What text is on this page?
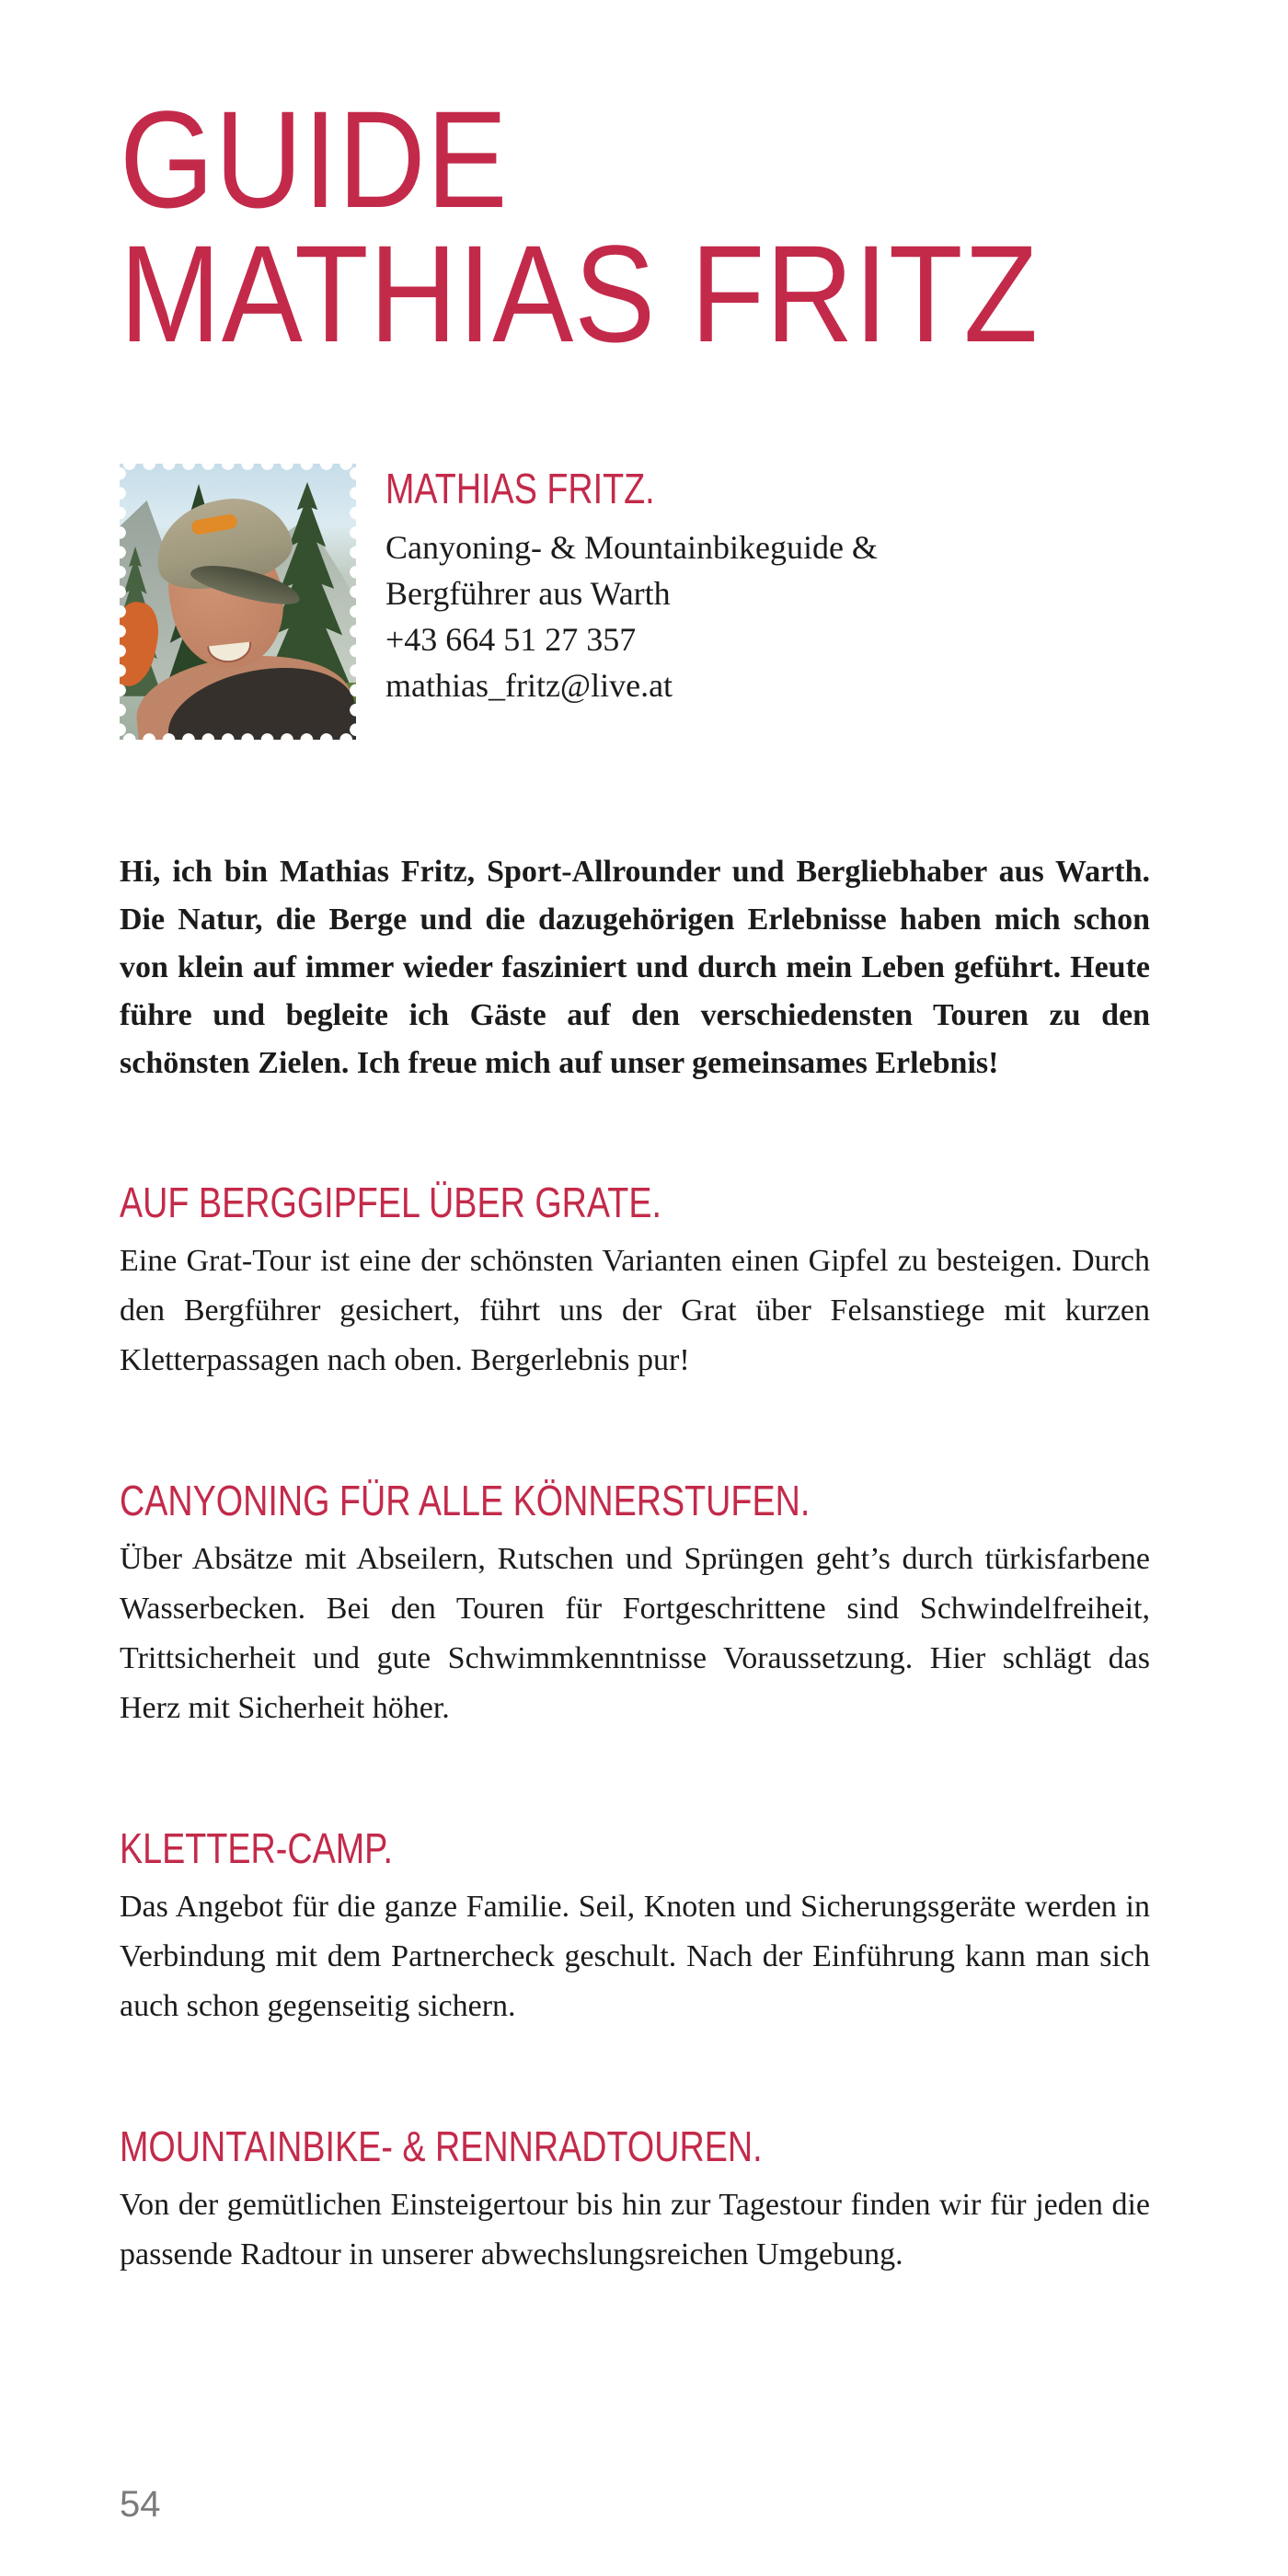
GUIDE
MATHIAS FRITZ
MATHIAS FRITZ.
Canyoning- & Mountainbikeguide &
Bergführer aus Warth
+43 664 51 27 357
mathias_fritz@live.at

Hi, ich bin Mathias Fritz, Sport-Allrounder und Bergliebhaber aus Warth. Die Natur, die Berge und die dazugehörigen Erlebnisse haben mich schon von klein auf immer wieder fasziniert und durch mein Leben geführt. Heute führe und begleite ich Gäste auf den verschiedensten Touren zu den schönsten Zielen. Ich freue mich auf unser gemeinsames Erlebnis!

AUF BERGGIPFEL ÜBER GRATE.

Eine Grat-Tour ist eine der schönsten Varianten einen Gipfel zu besteigen. Durch den Bergführer gesichert, führt uns der Grat über Felsanstiege mit kurzen Kletterpassagen nach oben. Bergerlebnis pur!

CANYONING FÜR ALLE KÖNNERSTUFEN.

Über Absätze mit Abseilern, Rutschen und Sprüngen geht’s durch türkisfarbene Wasserbecken. Bei den Touren für Fortgeschrittene sind Schwindelfreiheit, Trittsicherheit und gute Schwimmkenntnisse Voraussetzung. Hier schlägt das Herz mit Sicherheit höher.

KLETTER-CAMP.

Das Angebot für die ganze Familie. Seil, Knoten und Sicherungsgeräte werden in Verbindung mit dem Partnercheck geschult. Nach der Einführung kann man sich auch schon gegenseitig sichern.

MOUNTAINBIKE- & RENNRADTOUREN.

Von der gemütlichen Einsteigertour bis hin zur Tagestour finden wir für jeden die passende Radtour in unserer abwechslungsreichen Umgebung.

54
